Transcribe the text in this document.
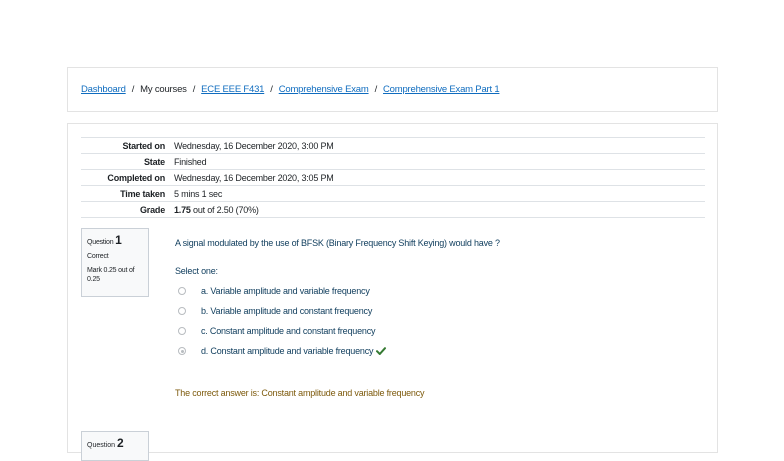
Dashboard / My courses / ECE EEE F431 / Comprehensive Exam / Comprehensive Exam Part 1
Started on	Wednesday, 16 December 2020, 3:00 PM
State	Finished
Completed on	Wednesday, 16 December 2020, 3:05 PM
Time taken	5 mins 1 sec
Grade	1.75 out of 2.50 (70%)
Question 1
Correct
Mark 0.25 out of 0.25
A signal modulated by the use of BFSK (Binary Frequency Shift Keying) would have ?
Select one:
a. Variable amplitude and variable frequency
b. Variable amplitude and constant frequency
c. Constant amplitude and constant frequency
d. Constant amplitude and variable frequency
The correct answer is: Constant amplitude and variable frequency
Question 2
